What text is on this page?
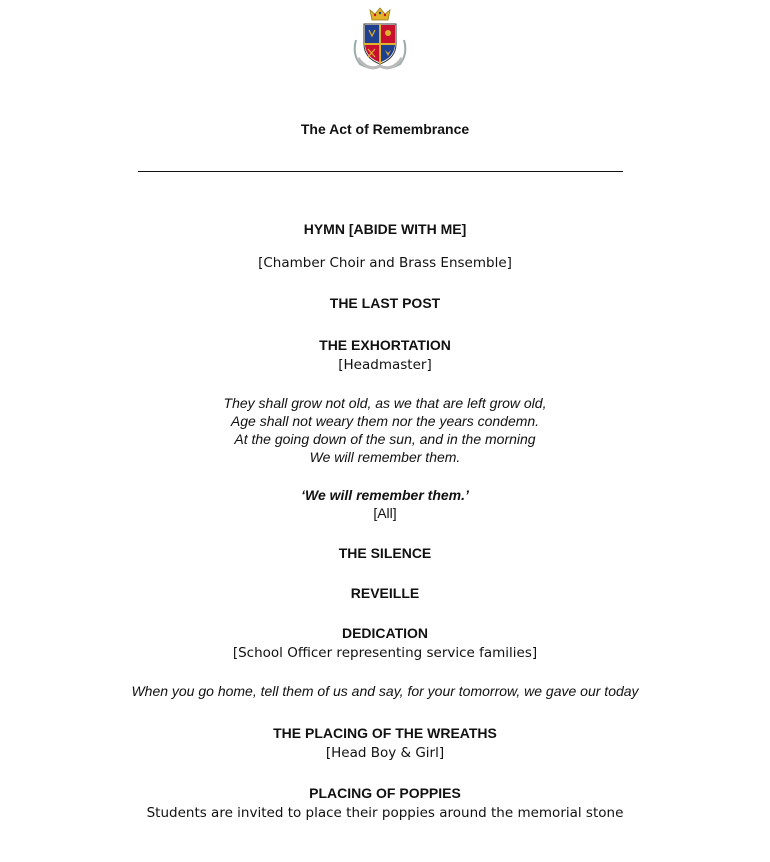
The Act of Remembrance
HYMN [ABIDE WITH ME]
[Chamber Choir and Brass Ensemble]
THE LAST POST
THE EXHORTATION
[Headmaster]
They shall grow not old, as we that are left grow old,
Age shall not weary them nor the years condemn.
At the going down of the sun, and in the morning
We will remember them.
‘We will remember them.’
[All]
THE SILENCE
REVEILLE
DEDICATION
[School Officer representing service families]
When you go home, tell them of us and say, for your tomorrow, we gave our today
THE PLACING OF THE WREATHS
[Head Boy & Girl]
PLACING OF POPPIES
Students are invited to place their poppies around the memorial stone
